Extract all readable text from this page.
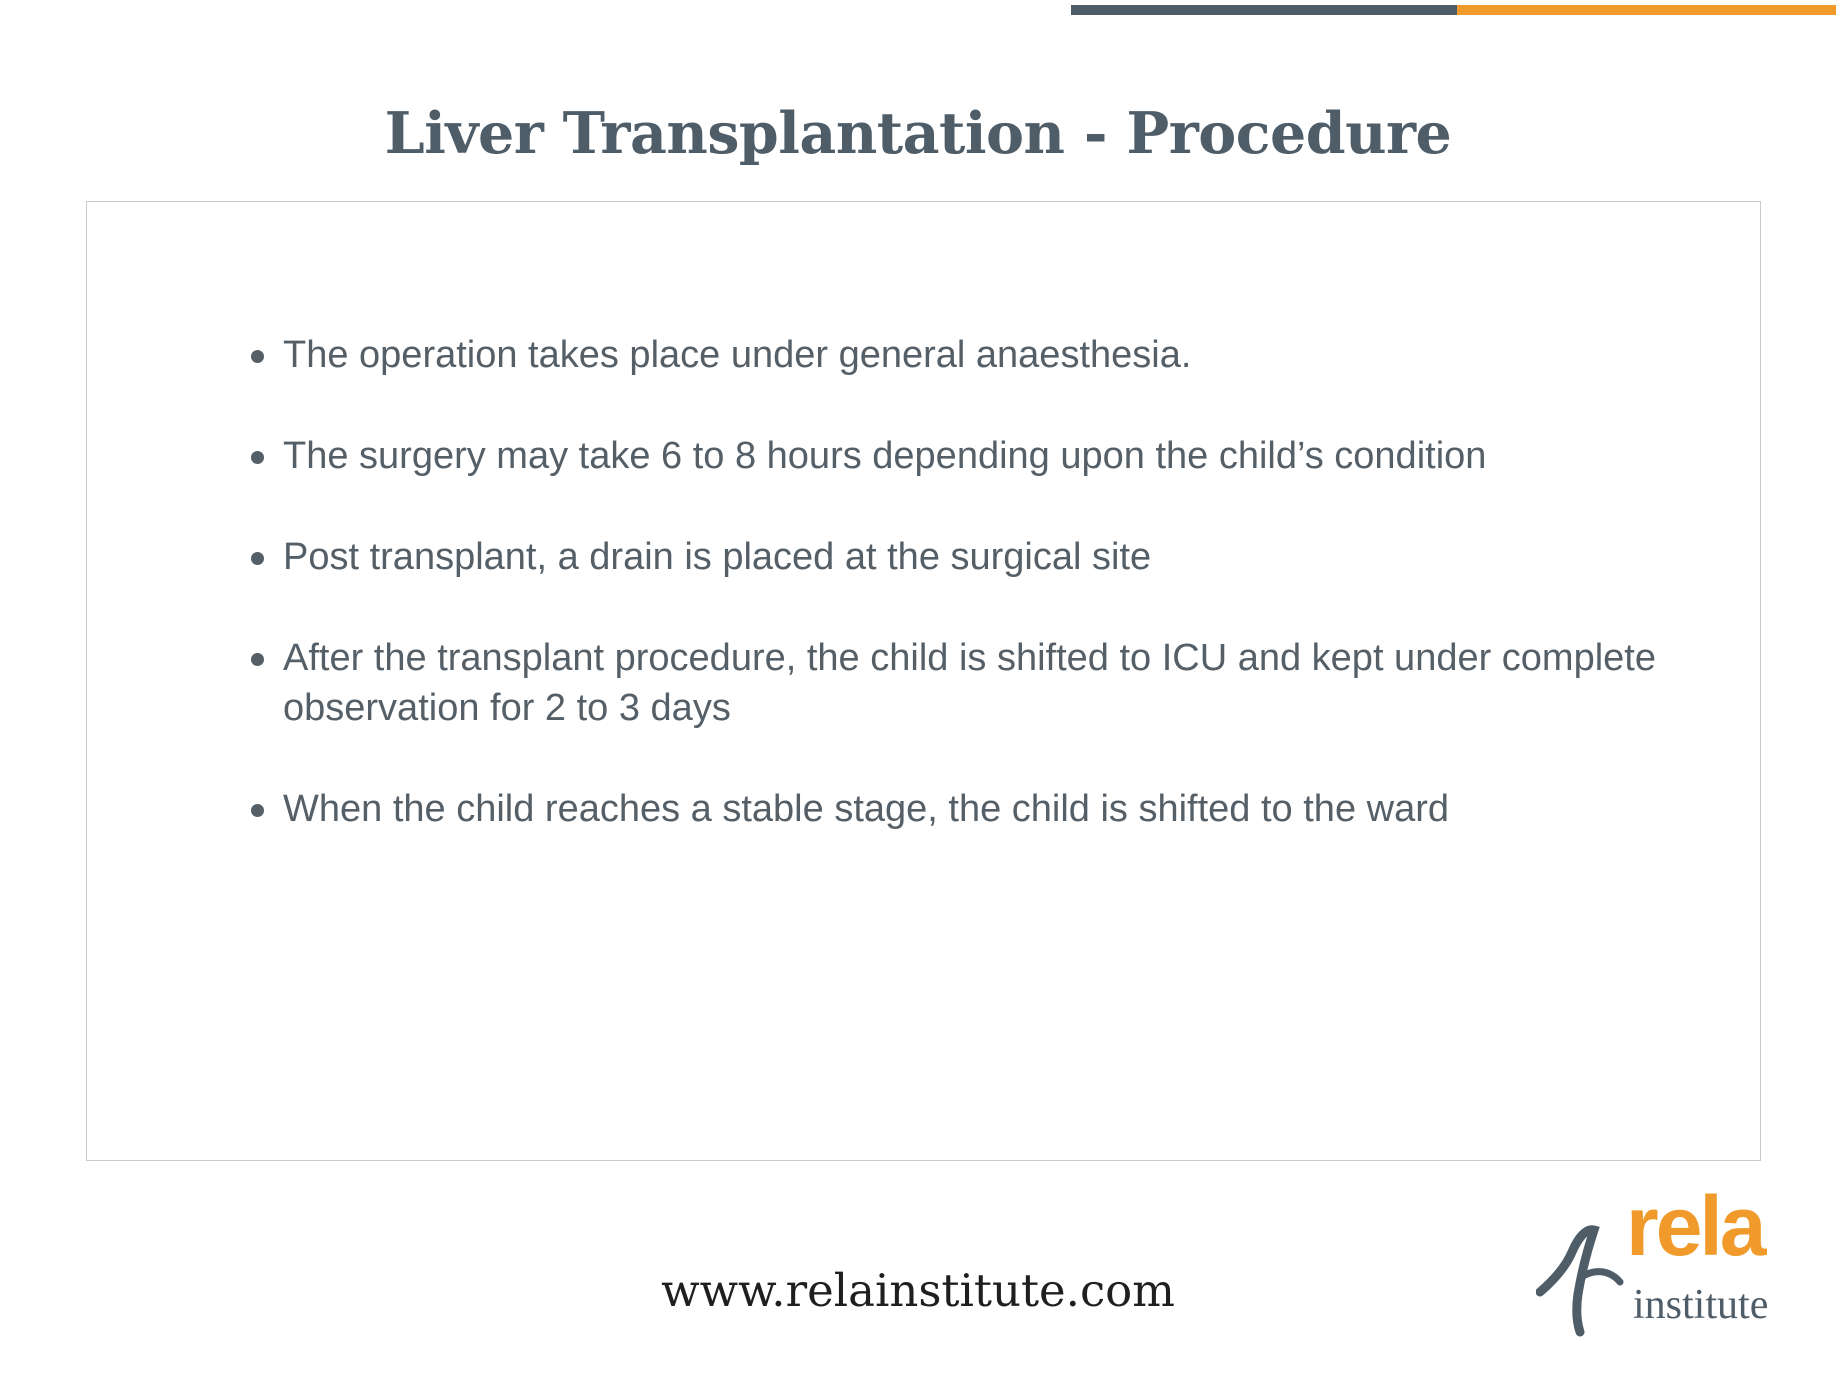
Liver Transplantation - Procedure
The operation takes place under general anaesthesia.
The surgery may take 6 to 8 hours depending upon the child’s condition
Post transplant, a drain is placed at the surgical site
After the transplant procedure, the child is shifted to ICU and kept under complete observation for 2 to 3 days
When the child reaches a stable stage, the child is shifted to the ward

www.relainstitute.com

rela
institute
